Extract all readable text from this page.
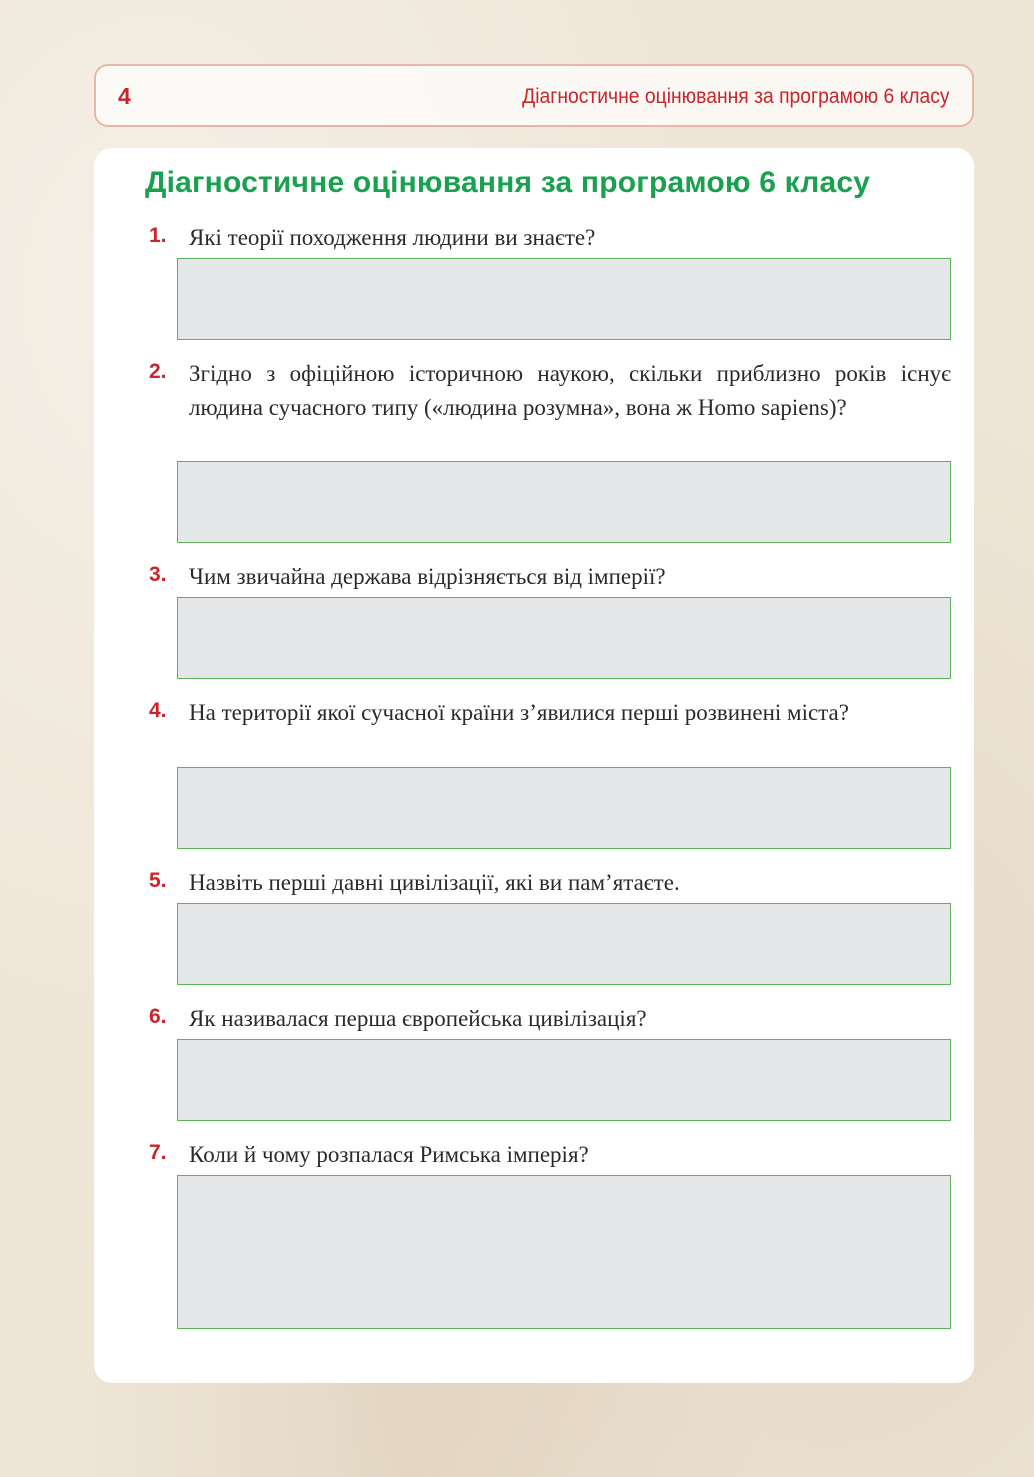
4	Діагностичне оцінювання за програмою 6 класу
Діагностичне оцінювання за програмою 6 класу
1. Які теорії походження людини ви знаєте?
2. Згідно з офіційною історичною наукою, скільки приблизно років існує людина сучасного типу («людина розумна», вона ж Homo sapiens)?
3. Чим звичайна держава відрізняється від імперії?
4. На території якої сучасної країни з’явилися перші розвинені міста?
5. Назвіть перші давні цивілізації, які ви пам’ятаєте.
6. Як називалася перша європейська цивілізація?
7. Коли й чому розпалася Римська імперія?
